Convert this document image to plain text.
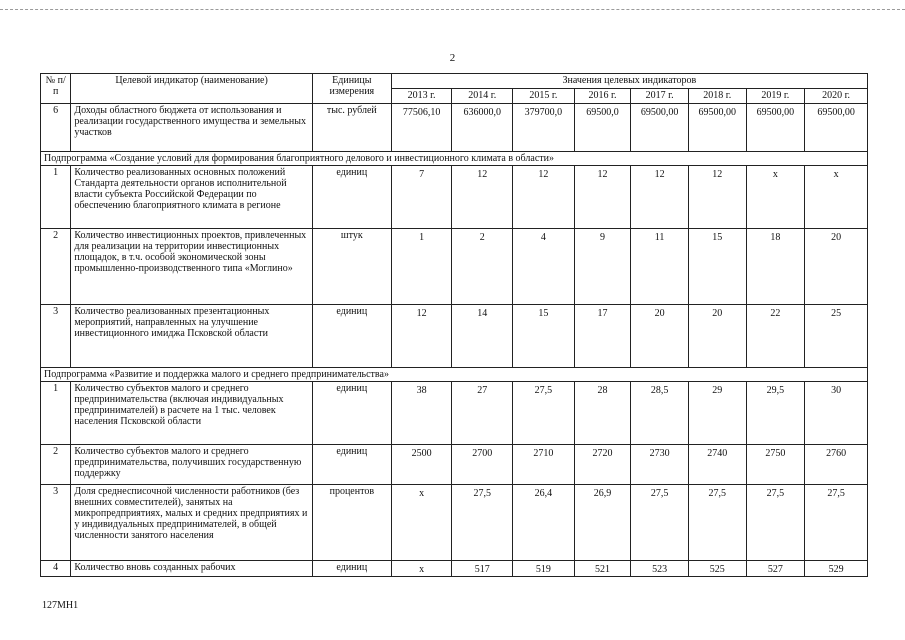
2
№ п/п	Целевой индикатор (наименование)	Единицы измерения	Значения целевых индикаторов							
			2013 г.	2014 г.	2015 г.	2016 г.	2017 г.	2018 г.	2019 г.	2020 г.
6	Доходы областного бюджета от использования и реализации государственного имущества и земельных участков	тыс. рублей	77506,10	636000,0	379700,0	69500,0	69500,00	69500,00	69500,00	69500,00
Подпрограмма «Создание условий для формирования благоприятного делового и инвестиционного климата в области»										
1	Количество реализованных основных положений Стандарта деятельности органов исполнительной власти субъекта Российской Федерации по обеспечению благоприятного климата в регионе	единиц	7	12	12	12	12	12	х	х
2	Количество инвестиционных проектов, привлеченных для реализации на территории инвестиционных площадок, в т.ч. особой экономической зоны промышленно-производственного типа «Моглино»	штук	1	2	4	9	11	15	18	20
3	Количество реализованных презентационных мероприятий, направленных на улучшение инвестиционного имиджа Псковской области	единиц	12	14	15	17	20	20	22	25
Подпрограмма «Развитие и поддержка малого и среднего предпринимательства»										
1	Количество субъектов малого и среднего предпринимательства (включая индивидуальных предпринимателей) в расчете на 1 тыс. человек населения Псковской области	единиц	38	27	27,5	28	28,5	29	29,5	30
2	Количество субъектов малого и среднего предпринимательства, получивших государственную поддержку	единиц	2500	2700	2710	2720	2730	2740	2750	2760
3	Доля среднесписочной численности работников (без внешних совместителей), занятых на микропредприятиях, малых и средних предприятиях и у индивидуальных предпринимателей, в общей численности занятого населения	процентов	х	27,5	26,4	26,9	27,5	27,5	27,5	27,5
4	Количество вновь созданных рабочих	единиц	х	517	519	521	523	525	527	529
127МН1
